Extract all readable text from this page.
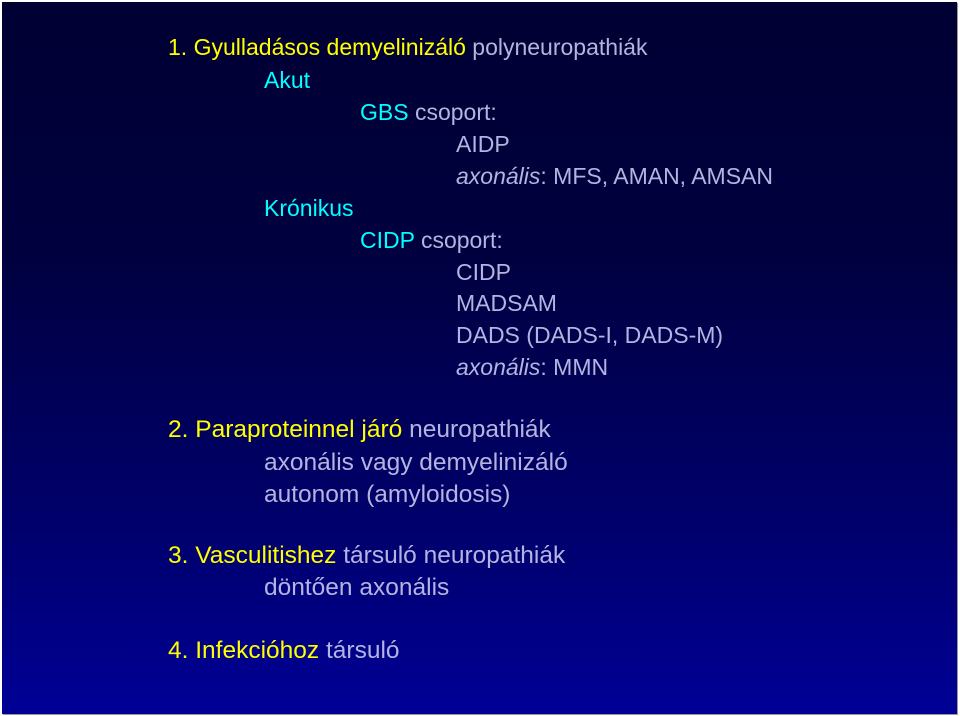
1. Gyulladásos demyelinizáló polyneuropathiák
Akut
GBS csoport:
AIDP
axonális: MFS, AMAN, AMSAN
Krónikus
CIDP csoport:
CIDP
MADSAM
DADS (DADS-I, DADS-M)
axonális: MMN
2. Paraproteinnel járó neuropathiák
axonális vagy demyelinizáló
autonom (amyloidosis)
3. Vasculitishez társuló neuropathiák
döntően axonális
4. Infekcióhoz társuló
